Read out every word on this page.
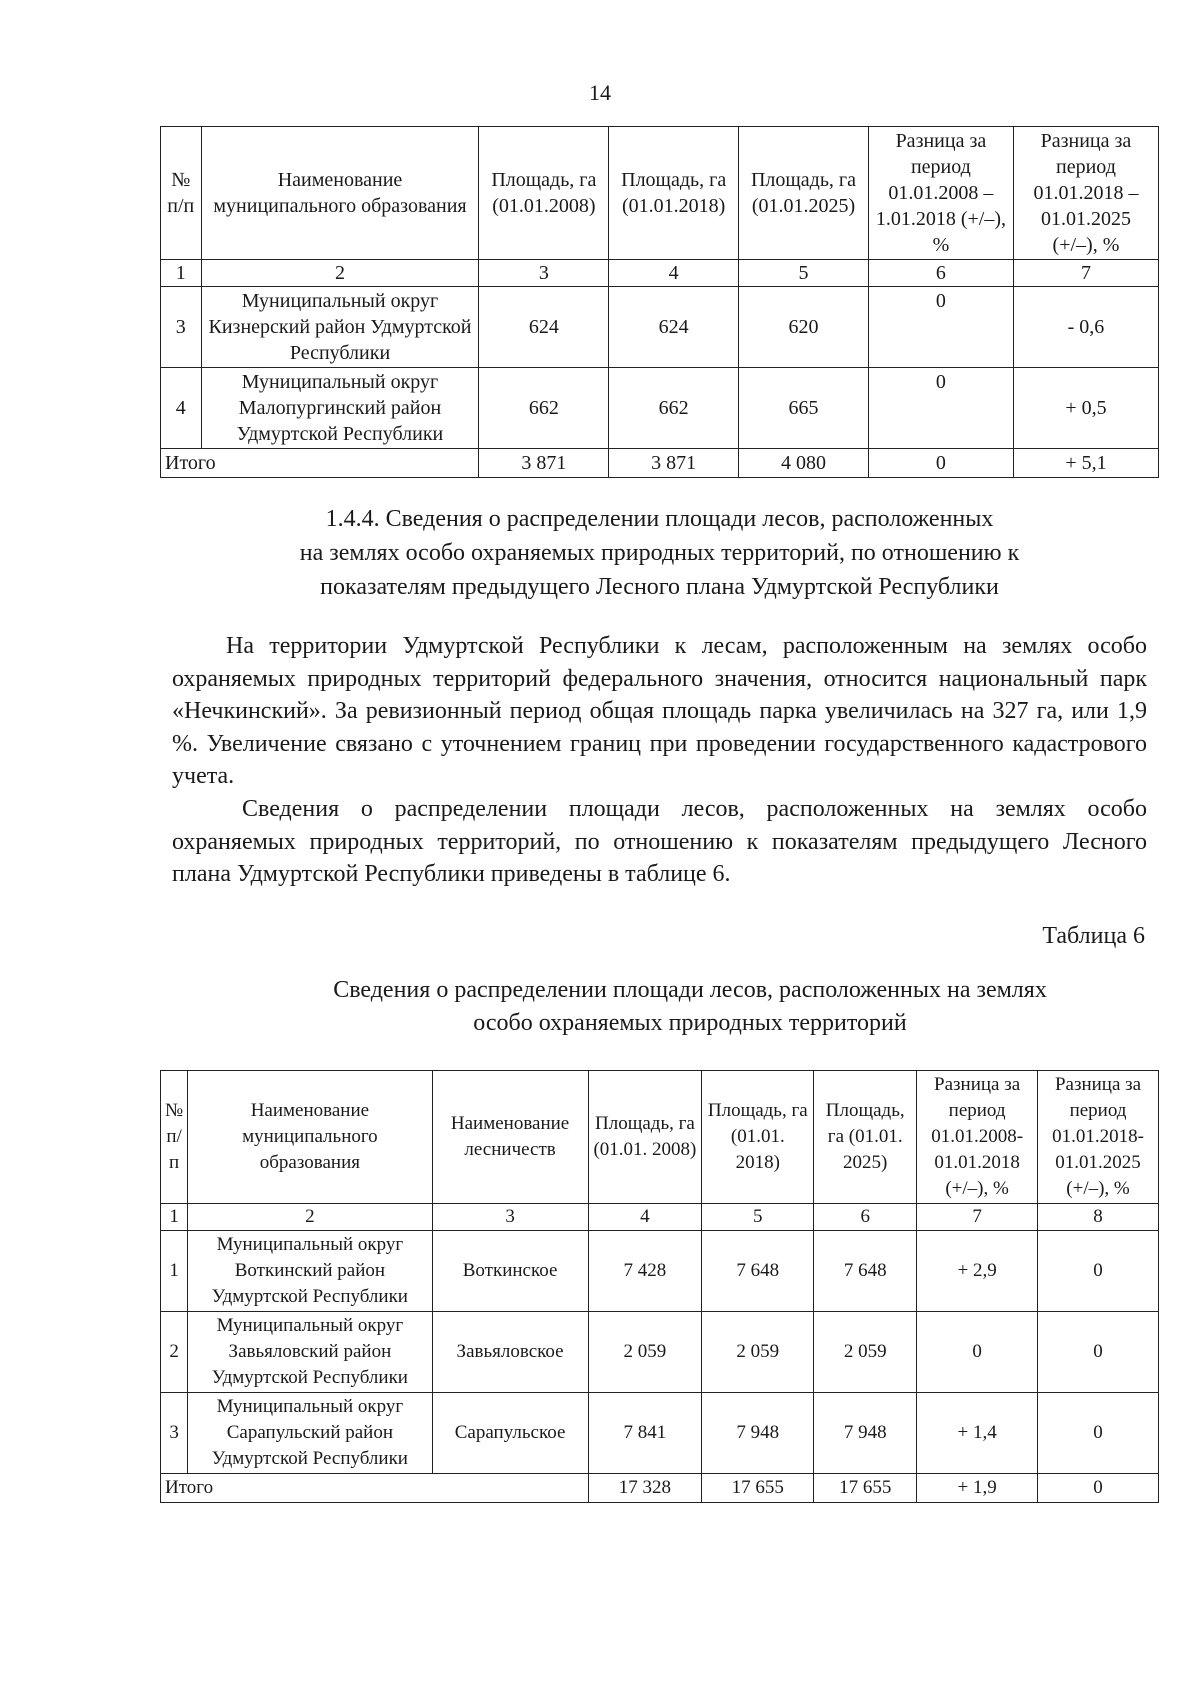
14
№ п/п	Наименование муниципального образования	Площадь, га (01.01.2008)	Площадь, га (01.01.2018)	Площадь, га (01.01.2025)	Разница за период 01.01.2008 – 1.01.2018 (+/–), %	Разница за период 01.01.2018 – 01.01.2025 (+/–), %
1	2	3	4	5	6	7
3	Муниципальный округ Кизнерский район Удмуртской Республики	624	624	620	0	- 0,6
4	Муниципальный округ Малопургинский район Удмуртской Республики	662	662	665	0	+ 0,5
Итого		3 871	3 871	4 080	0	+ 5,1
1.4.4. Сведения о распределении площади лесов, расположенных
на землях особо охраняемых природных территорий, по отношению к
показателям предыдущего Лесного плана Удмуртской Республики

На территории Удмуртской Республики к лесам, расположенным на землях особо охраняемых природных территорий федерального значения, относится национальный парк «Нечкинский». За ревизионный период общая площадь парка увеличилась на 327 га, или 1,9 %. Увеличение связано с уточнением границ при проведении государственного кадастрового учета.

Сведения о распределении площади лесов, расположенных на землях особо охраняемых природных территорий, по отношению к показателям предыдущего Лесного плана Удмуртской Республики приведены в таблице 6.

Таблица 6
Сведения о распределении площади лесов, расположенных на землях
особо охраняемых природных территорий
№ п/п	Наименование муниципального образования	Наименование лесничеств	Площадь, га (01.01. 2008)	Площадь, га (01.01. 2018)	Площадь, га (01.01. 2025)	Разница за период 01.01.2008- 01.01.2018 (+/–), %	Разница за период 01.01.2018- 01.01.2025 (+/–), %
1	2	3	4	5	6	7	8
1	Муниципальный округ Воткинский район Удмуртской Республики	Воткинское	7 428	7 648	7 648	+ 2,9	0
2	Муниципальный округ Завьяловский район Удмуртской Республики	Завьяловское	2 059	2 059	2 059	0	0
3	Муниципальный округ Сарапульский район Удмуртской Республики	Сарапульское	7 841	7 948	7 948	+ 1,4	0
Итого			17 328	17 655	17 655	+ 1,9	0
